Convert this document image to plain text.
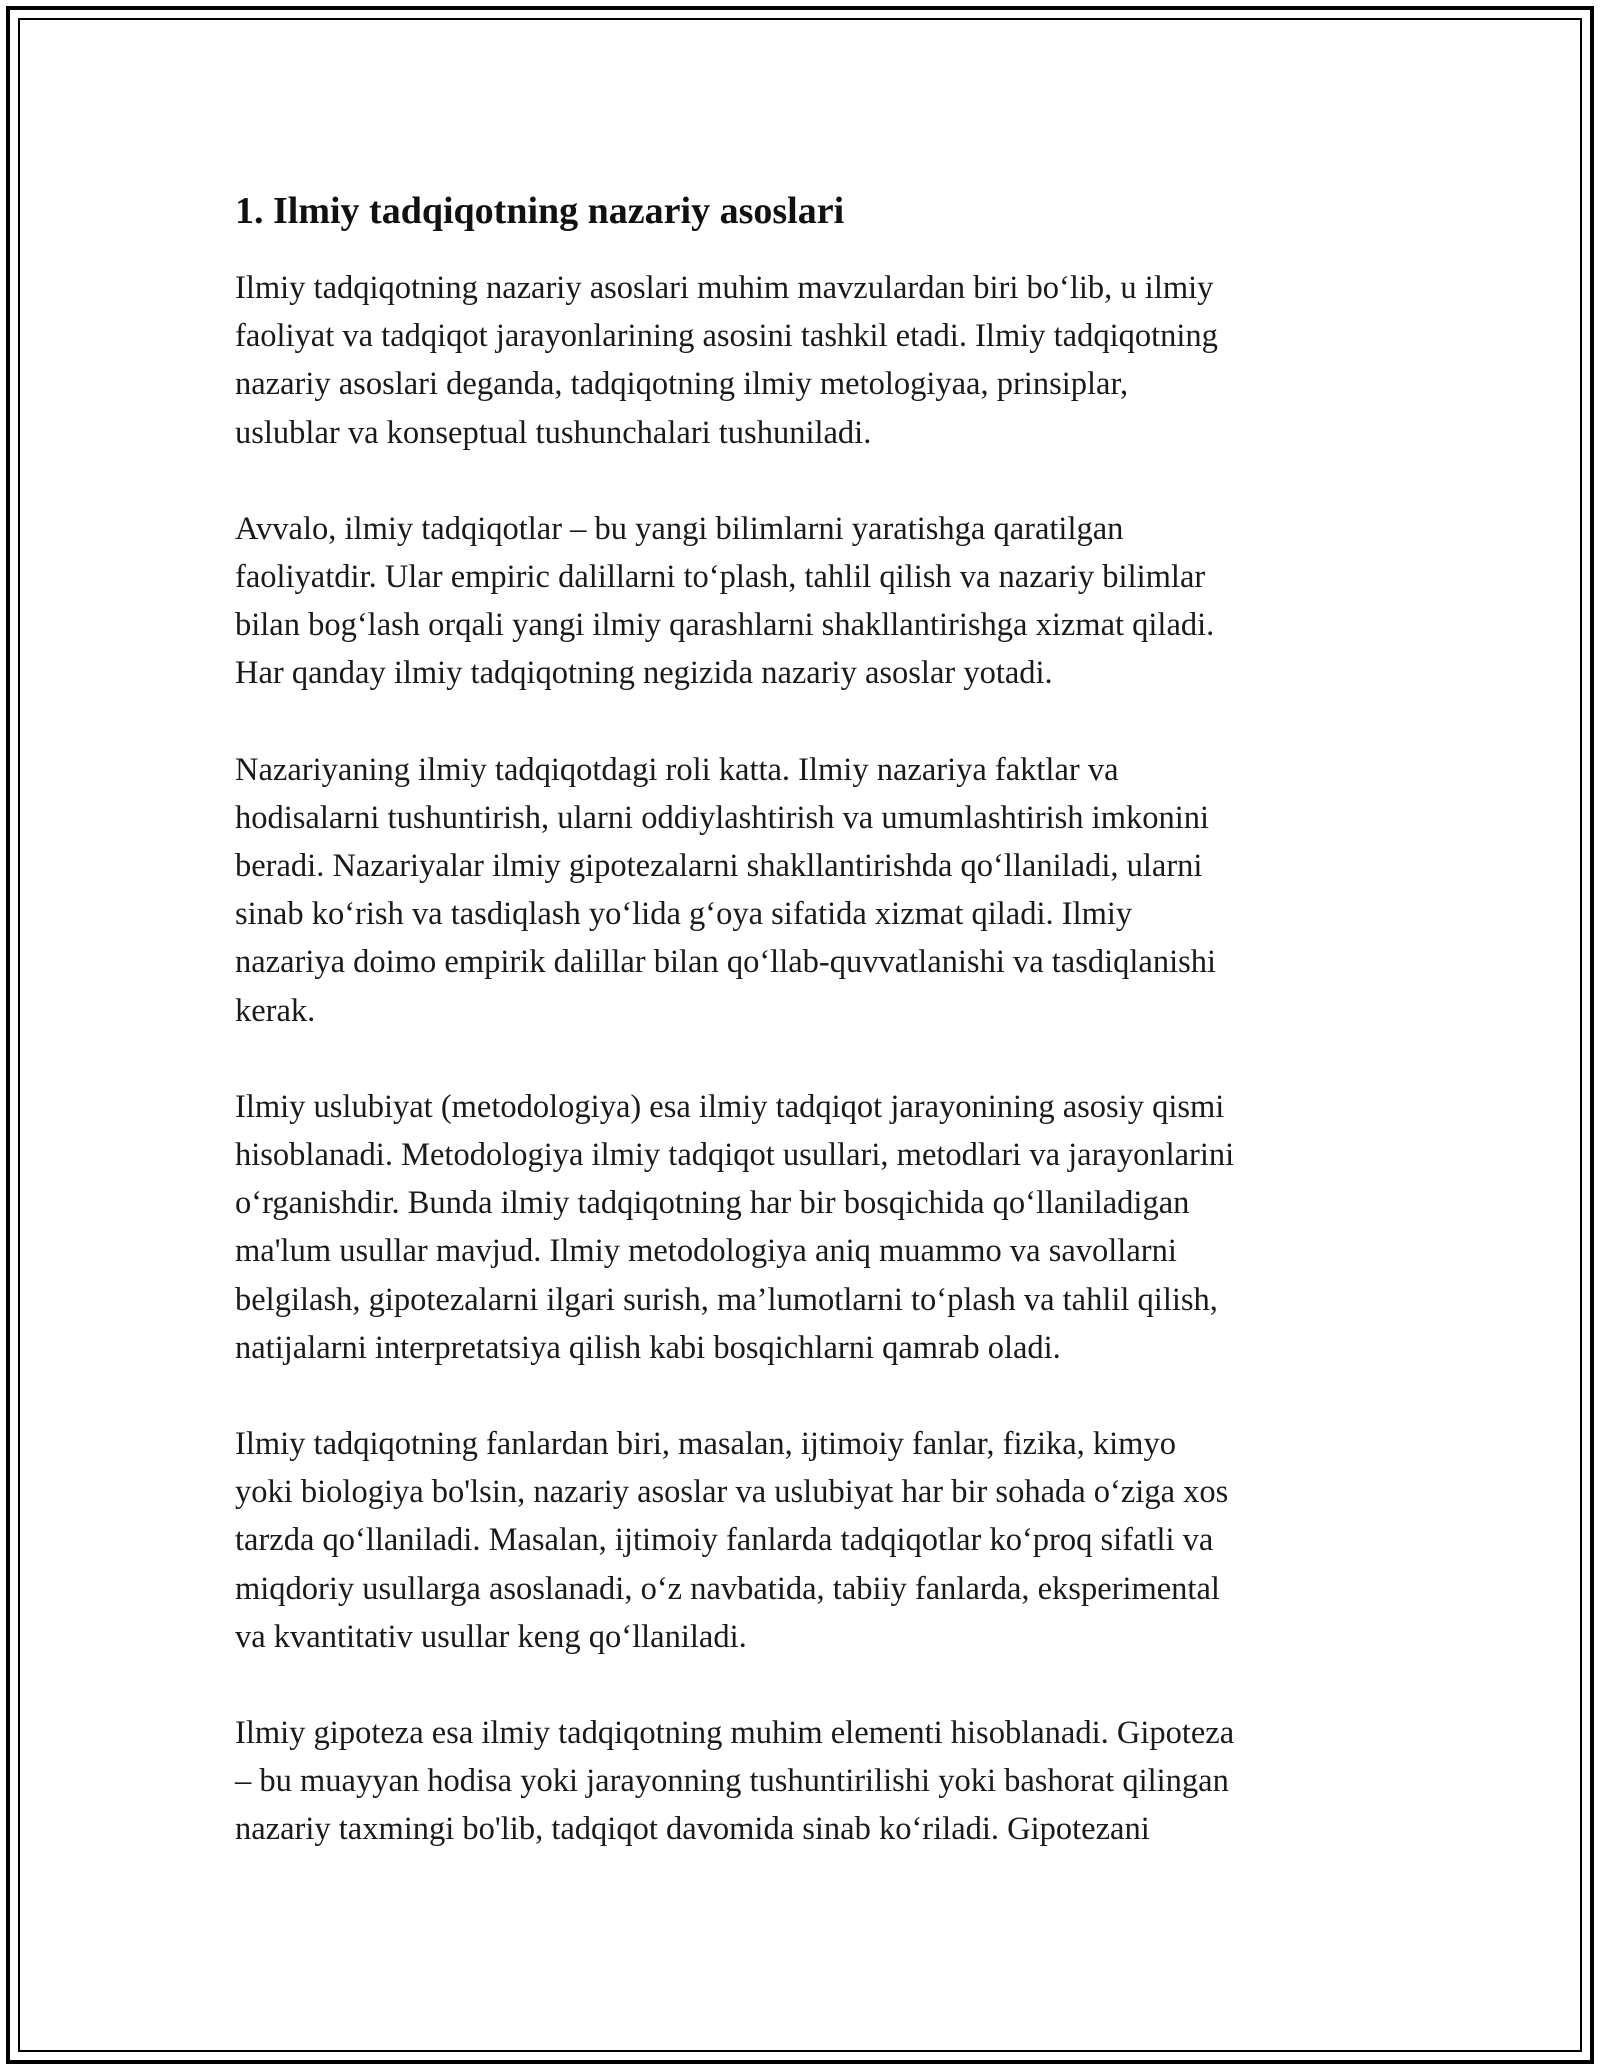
1. Ilmiy tadqiqotning nazariy asoslari

Ilmiy tadqiqotning nazariy asoslari muhim mavzulardan biri bo‘lib, u ilmiy
faoliyat va tadqiqot jarayonlarining asosini tashkil etadi. Ilmiy tadqiqotning
nazariy asoslari deganda, tadqiqotning ilmiy metologiyaa, prinsiplar,
uslublar va konseptual tushunchalari tushuniladi.

Avvalo, ilmiy tadqiqotlar – bu yangi bilimlarni yaratishga qaratilgan
faoliyatdir. Ular empiric dalillarni to‘plash, tahlil qilish va nazariy bilimlar
bilan bog‘lash orqali yangi ilmiy qarashlarni shakllantirishga xizmat qiladi.
Har qanday ilmiy tadqiqotning negizida nazariy asoslar yotadi.

Nazariyaning ilmiy tadqiqotdagi roli katta. Ilmiy nazariya faktlar va
hodisalarni tushuntirish, ularni oddiylashtirish va umumlashtirish imkonini
beradi. Nazariyalar ilmiy gipotezalarni shakllantirishda qo‘llaniladi, ularni
sinab ko‘rish va tasdiqlash yo‘lida g‘oya sifatida xizmat qiladi. Ilmiy
nazariya doimo empirik dalillar bilan qo‘llab-quvvatlanishi va tasdiqlanishi
kerak.

Ilmiy uslubiyat (metodologiya) esa ilmiy tadqiqot jarayonining asosiy qismi
hisoblanadi. Metodologiya ilmiy tadqiqot usullari, metodlari va jarayonlarini
o‘rganishdir. Bunda ilmiy tadqiqotning har bir bosqichida qo‘llaniladigan
ma'lum usullar mavjud. Ilmiy metodologiya aniq muammo va savollarni
belgilash, gipotezalarni ilgari surish, ma’lumotlarni to‘plash va tahlil qilish,
natijalarni interpretatsiya qilish kabi bosqichlarni qamrab oladi.

Ilmiy tadqiqotning fanlardan biri, masalan, ijtimoiy fanlar, fizika, kimyo
yoki biologiya bo'lsin, nazariy asoslar va uslubiyat har bir sohada o‘ziga xos
tarzda qo‘llaniladi. Masalan, ijtimoiy fanlarda tadqiqotlar ko‘proq sifatli va
miqdoriy usullarga asoslanadi, o‘z navbatida, tabiiy fanlarda, eksperimental
va kvantitativ usullar keng qo‘llaniladi.

Ilmiy gipoteza esa ilmiy tadqiqotning muhim elementi hisoblanadi. Gipoteza
– bu muayyan hodisa yoki jarayonning tushuntirilishi yoki bashorat qilingan
nazariy taxmingi bo'lib, tadqiqot davomida sinab ko‘riladi. Gipotezani
